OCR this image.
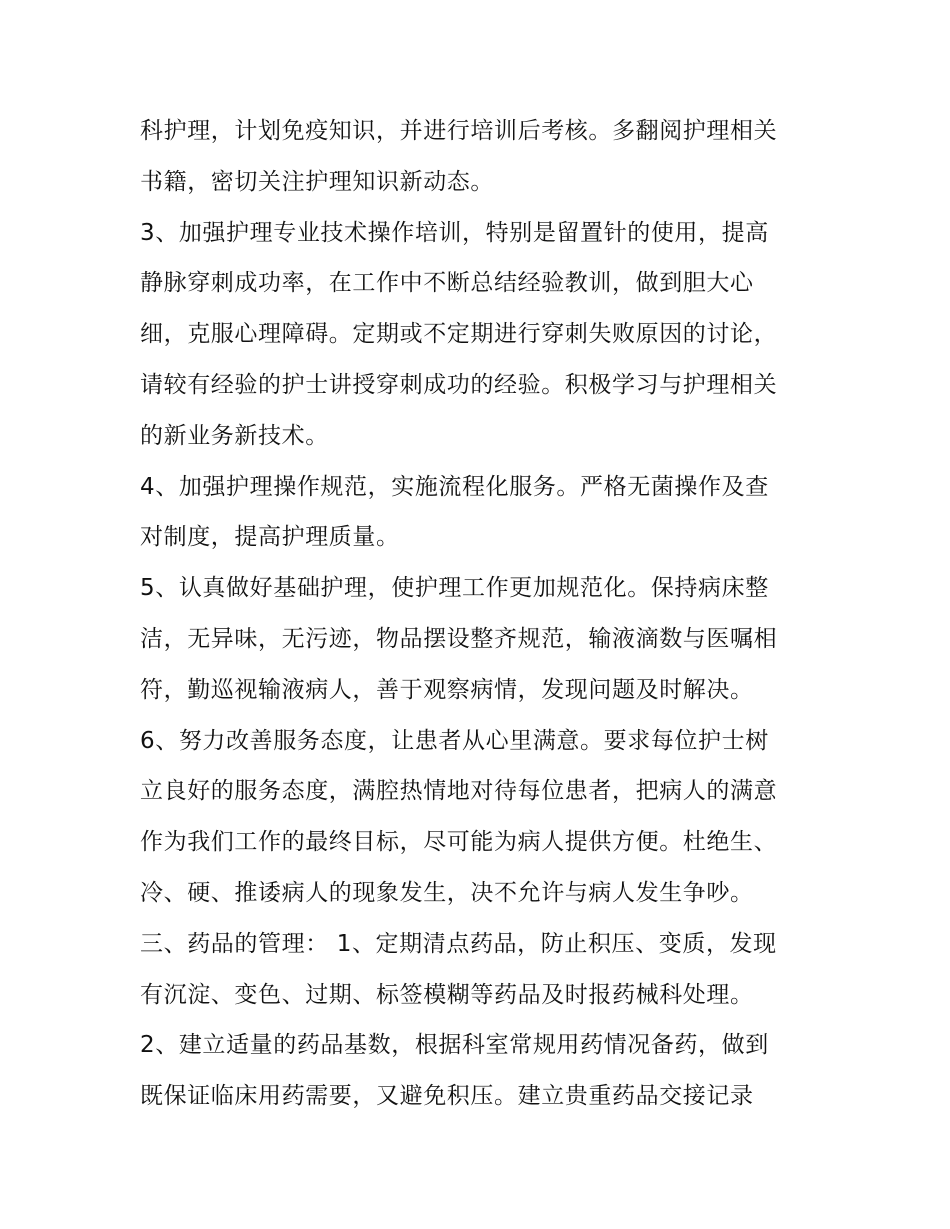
科护理，计划免疫知识，并进行培训后考核。多翻阅护理相关
书籍，密切关注护理知识新动态。
3、加强护理专业技术操作培训，特别是留置针的使用，提高
静脉穿刺成功率，在工作中不断总结经验教训，做到胆大心
细，克服心理障碍。定期或不定期进行穿刺失败原因的讨论，
请较有经验的护士讲授穿刺成功的经验。积极学习与护理相关
的新业务新技术。
4、加强护理操作规范，实施流程化服务。严格无菌操作及查
对制度，提高护理质量。
5、认真做好基础护理，使护理工作更加规范化。保持病床整
洁，无异味，无污迹，物品摆设整齐规范，输液滴数与医嘱相
符，勤巡视输液病人，善于观察病情，发现问题及时解决。
6、努力改善服务态度，让患者从心里满意。要求每位护士树
立良好的服务态度，满腔热情地对待每位患者，把病人的满意
作为我们工作的最终目标，尽可能为病人提供方便。杜绝生、
冷、硬、推诿病人的现象发生，决不允许与病人发生争吵。
三、药品的管理： 1、定期清点药品，防止积压、变质，发现
有沉淀、变色、过期、标签模糊等药品及时报药械科处理。
2、建立适量的药品基数，根据科室常规用药情况备药，做到
既保证临床用药需要，又避免积压。建立贵重药品交接记录
